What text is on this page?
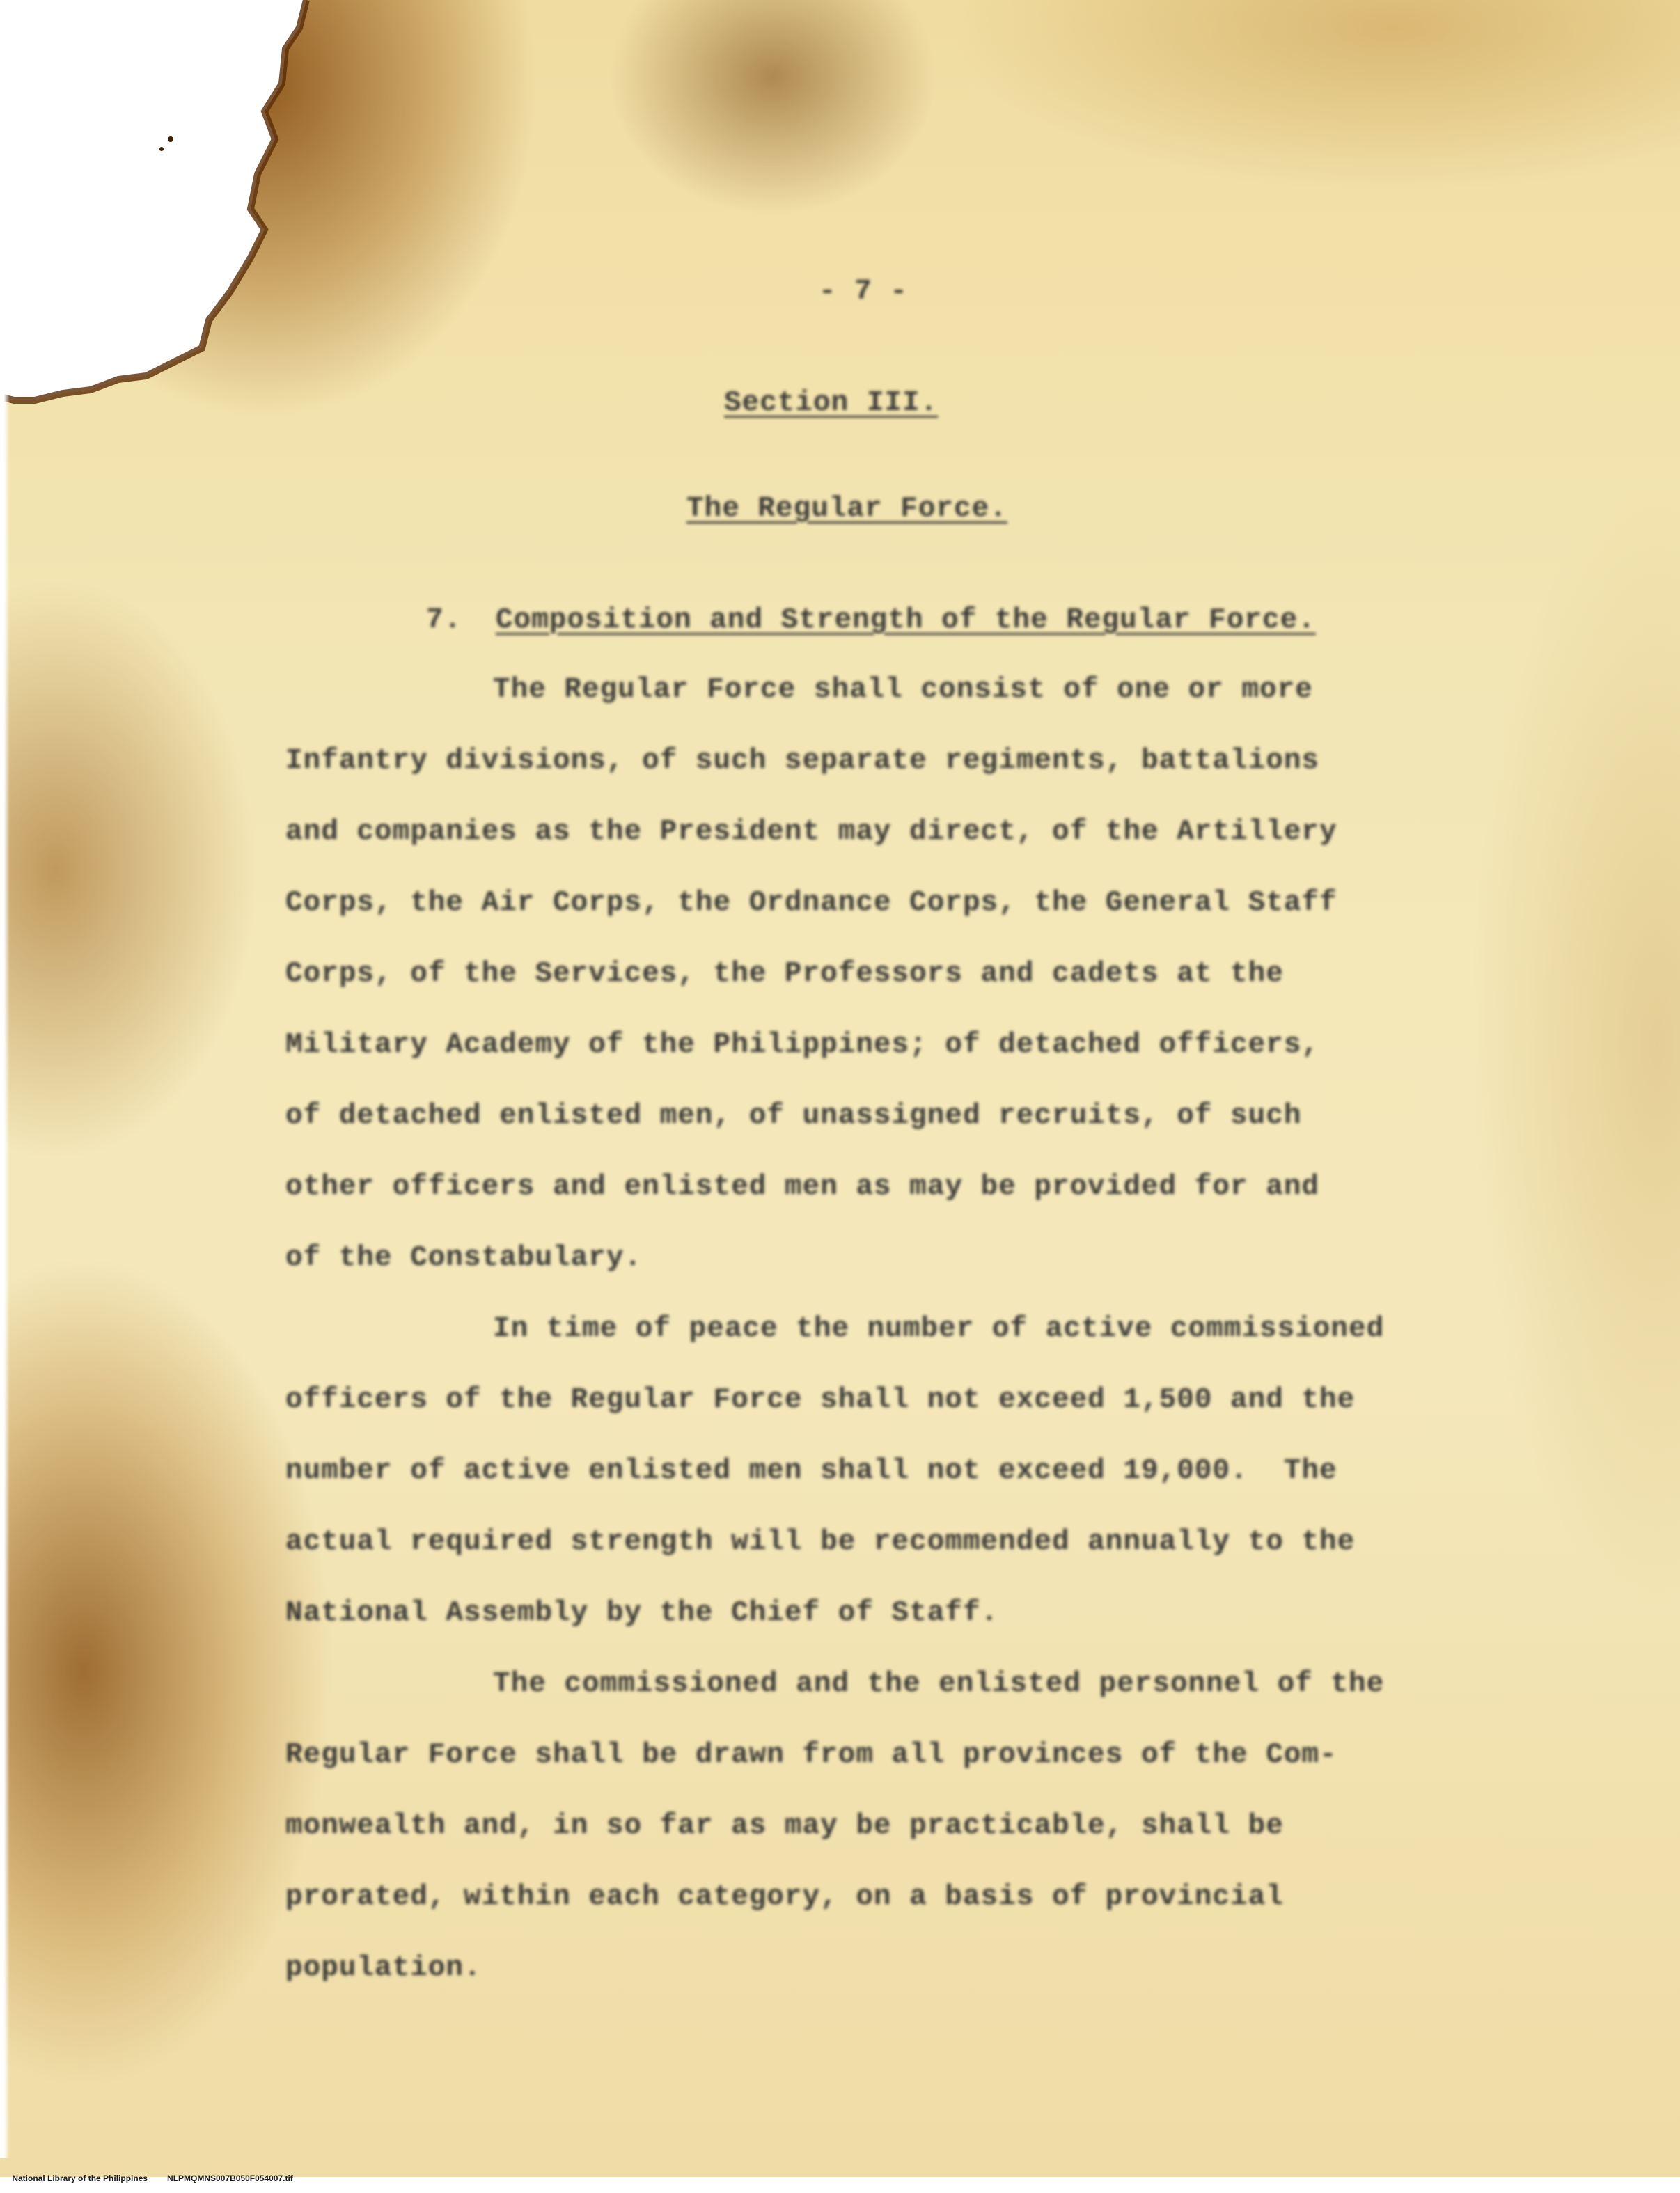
- 7 -
Section III.
The Regular Force.
7. Composition and Strength of the Regular Force.
The Regular Force shall consist of one or more
Infantry divisions, of such separate regiments, battalions
and companies as the President may direct, of the Artillery
Corps, the Air Corps, the Ordnance Corps, the General Staff
Corps, of the Services, the Professors and cadets at the
Military Academy of the Philippines; of detached officers,
of detached enlisted men, of unassigned recruits, of such
other officers and enlisted men as may be provided for and
of the Constabulary.
In time of peace the number of active commissioned
officers of the Regular Force shall not exceed 1,500 and the
number of active enlisted men shall not exceed 19,000.  The
actual required strength will be recommended annually to the
National Assembly by the Chief of Staff.
The commissioned and the enlisted personnel of the
Regular Force shall be drawn from all provinces of the Com-
monwealth and, in so far as may be practicable, shall be
prorated, within each category, on a basis of provincial
population.

National Library of the Philippines NLPMQMNS007B050F054007.tif
